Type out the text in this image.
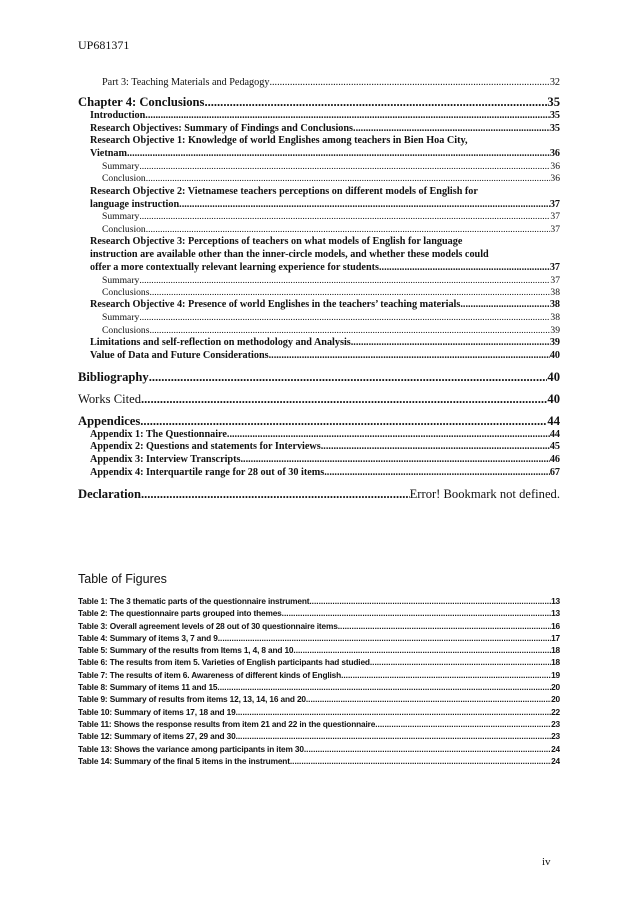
UP681371
Part 3: Teaching Materials and Pedagogy .....	32
Chapter 4: Conclusions .....	35
Introduction .....	35
Research Objectives: Summary of Findings and Conclusions .....	35
Research Objective 1: Knowledge of world Englishes among teachers in Bien Hoa City,
Vietnam .....	36
Summary .....	36
Conclusion .....	36
Research Objective 2: Vietnamese teachers perceptions on different models of English for
language instruction .....	37
Summary .....	37
Conclusion .....	37
Research Objective 3: Perceptions of teachers on what models of English for language
instruction are available other than the inner-circle models, and whether these models could
offer a more contextually relevant learning experience for students .....	37
Summary .....	37
Conclusions .....	38
Research Objective 4: Presence of world Englishes in the teachers’ teaching materials .....	38
Summary .....	38
Conclusions .....	39
Limitations and self-reflection on methodology and Analysis .....	39
Value of Data and Future Considerations .....	40
Bibliography .....	40
Works Cited .....	40
Appendices .....	44
Appendix 1: The Questionnaire .....	44
Appendix 2: Questions and statements for Interviews .....	45
Appendix 3: Interview Transcripts .....	46
Appendix 4: Interquartile range for 28 out of 30 items .....	67
Declaration .....	Error! Bookmark not defined.
Table of Figures
Table 1: The 3 thematic parts of the questionnaire instrument .....	13
Table 2: The questionnaire parts grouped into themes .....	13
Table 3: Overall agreement levels of 28 out of 30 questionnaire items .....	16
Table 4: Summary of items 3, 7 and 9 .....	17
Table 5: Summary of the results from Items 1, 4, 8 and 10 .....	18
Table 6: The results from item 5. Varieties of English participants had studied .....	18
Table 7: The results of item 6. Awareness of different kinds of English .....	19
Table 8: Summary of items 11 and 15 .....	20
Table 9: Summary of results from items 12, 13, 14, 16 and 20 .....	20
Table 10: Summary of items 17, 18 and 19 .....	22
Table 11: Shows the response results from item 21 and 22 in the questionnaire .....	23
Table 12: Summary of items 27, 29 and 30 .....	23
Table 13: Shows the variance among participants in item 30 .....	24
Table 14: Summary of the final 5 items in the instrument .....	24
iv
